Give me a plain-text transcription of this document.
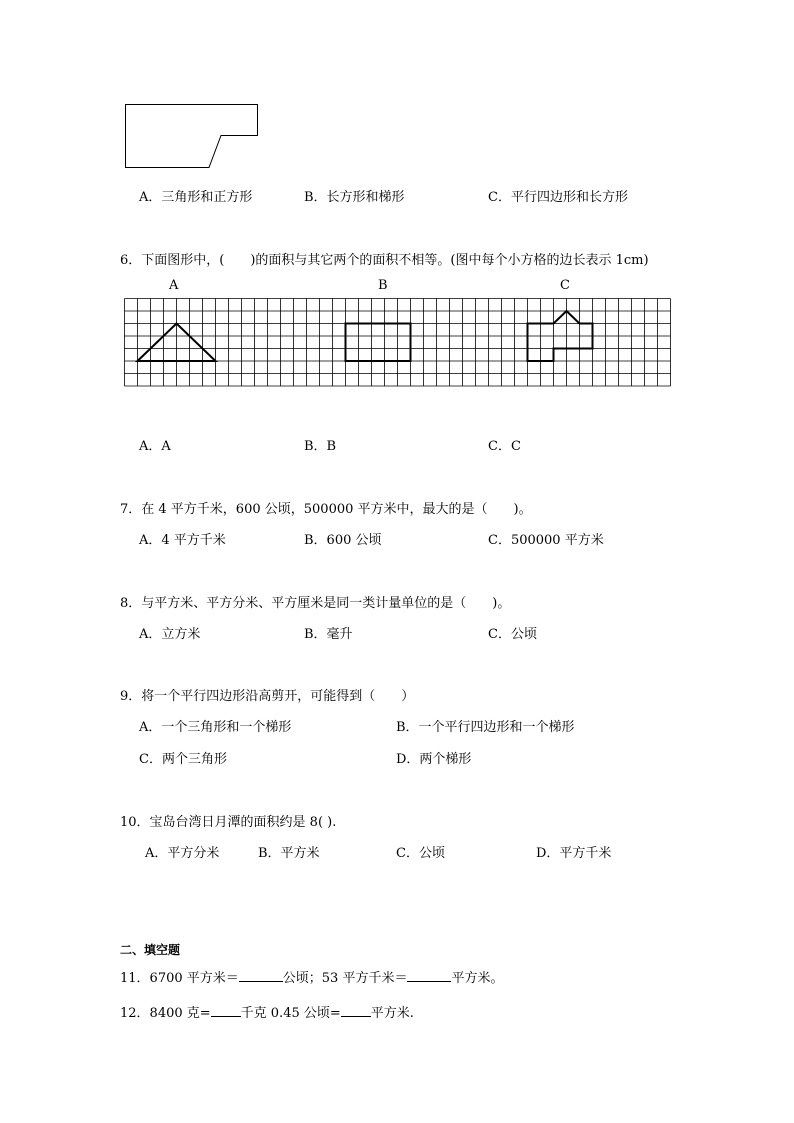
A．三角形和正方形	B．长方形和梯形	C．平行四边形和长方形
6．下面图形中，(　　)的面积与其它两个的面积不相等。(图中每个小方格的边长表示 1cm)
A	B	C
A．A	B．B	C．C
7．在 4 平方千米，600 公顷，500000 平方米中，最大的是（　　)。
A．4 平方千米	B．600 公顷	C．500000 平方米
8．与平方米、平方分米、平方厘米是同一类计量单位的是（　　)。
A．立方米	B．毫升	C．公顷
9．将一个平行四边形沿高剪开，可能得到（　　）
A．一个三角形和一个梯形	B．一个平行四边形和一个梯形
C．两个三角形	D．两个梯形
10．宝岛台湾日月潭的面积约是 8( ).
A．平方分米	B．平方米	C．公顷	D．平方千米
二、填空题
11．6700 平方米＝	公顷；53 平方千米＝	平方米。
12．8400 克= 千克 0.45 公顷= 平方米.
